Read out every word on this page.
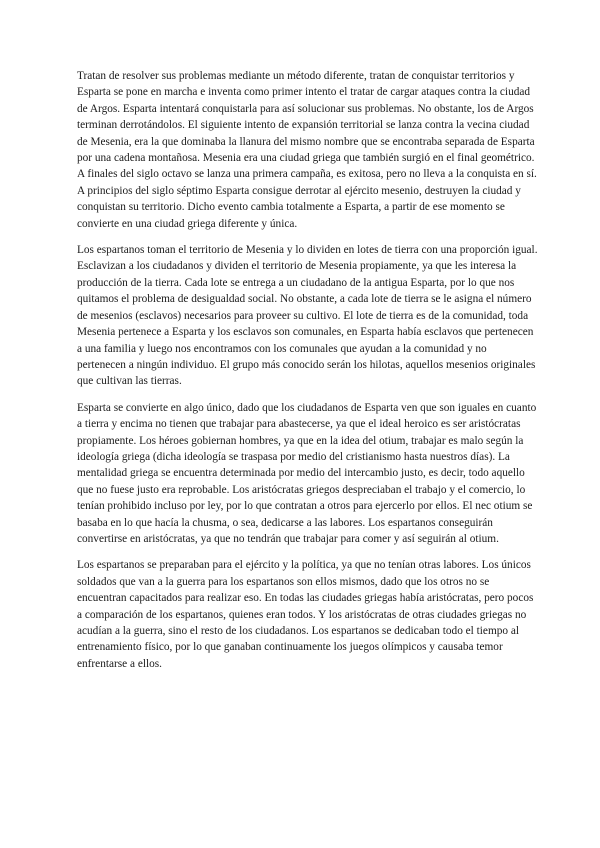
Tratan de resolver sus problemas mediante un método diferente, tratan de conquistar territorios y Esparta se pone en marcha e inventa como primer intento el tratar de cargar ataques contra la ciudad de Argos. Esparta intentará conquistarla para así solucionar sus problemas. No obstante, los de Argos terminan derrotándolos. El siguiente intento de expansión territorial se lanza contra la vecina ciudad de Mesenia, era la que dominaba la llanura del mismo nombre que se encontraba separada de Esparta por una cadena montañosa. Mesenia era una ciudad griega que también surgió en el final geométrico. A finales del siglo octavo se lanza una primera campaña, es exitosa, pero no lleva a la conquista en sí. A principios del siglo séptimo Esparta consigue derrotar al ejército mesenio, destruyen la ciudad y conquistan su territorio. Dicho evento cambia totalmente a Esparta, a partir de ese momento se convierte en una ciudad griega diferente y única.

Los espartanos toman el territorio de Mesenia y lo dividen en lotes de tierra con una proporción igual. Esclavizan a los ciudadanos y dividen el territorio de Mesenia propiamente, ya que les interesa la producción de la tierra. Cada lote se entrega a un ciudadano de la antigua Esparta, por lo que nos quitamos el problema de desigualdad social. No obstante, a cada lote de tierra se le asigna el número de mesenios (esclavos) necesarios para proveer su cultivo. El lote de tierra es de la comunidad, toda Mesenia pertenece a Esparta y los esclavos son comunales, en Esparta había esclavos que pertenecen a una familia y luego nos encontramos con los comunales que ayudan a la comunidad y no pertenecen a ningún individuo. El grupo más conocido serán los hilotas, aquellos mesenios originales que cultivan las tierras.

Esparta se convierte en algo único, dado que los ciudadanos de Esparta ven que son iguales en cuanto a tierra y encima no tienen que trabajar para abastecerse, ya que el ideal heroico es ser aristócratas propiamente. Los héroes gobiernan hombres, ya que en la idea del otium, trabajar es malo según la ideología griega (dicha ideología se traspasa por medio del cristianismo hasta nuestros días). La mentalidad griega se encuentra determinada por medio del intercambio justo, es decir, todo aquello que no fuese justo era reprobable. Los aristócratas griegos despreciaban el trabajo y el comercio, lo tenían prohibido incluso por ley, por lo que contratan a otros para ejercerlo por ellos. El nec otium se basaba en lo que hacía la chusma, o sea, dedicarse a las labores. Los espartanos conseguirán convertirse en aristócratas, ya que no tendrán que trabajar para comer y así seguirán al otium.

Los espartanos se preparaban para el ejército y la política, ya que no tenían otras labores. Los únicos soldados que van a la guerra para los espartanos son ellos mismos, dado que los otros no se encuentran capacitados para realizar eso. En todas las ciudades griegas había aristócratas, pero pocos a comparación de los espartanos, quienes eran todos. Y los aristócratas de otras ciudades griegas no acudían a la guerra, sino el resto de los ciudadanos. Los espartanos se dedicaban todo el tiempo al entrenamiento físico, por lo que ganaban continuamente los juegos olímpicos y causaba temor enfrentarse a ellos.
